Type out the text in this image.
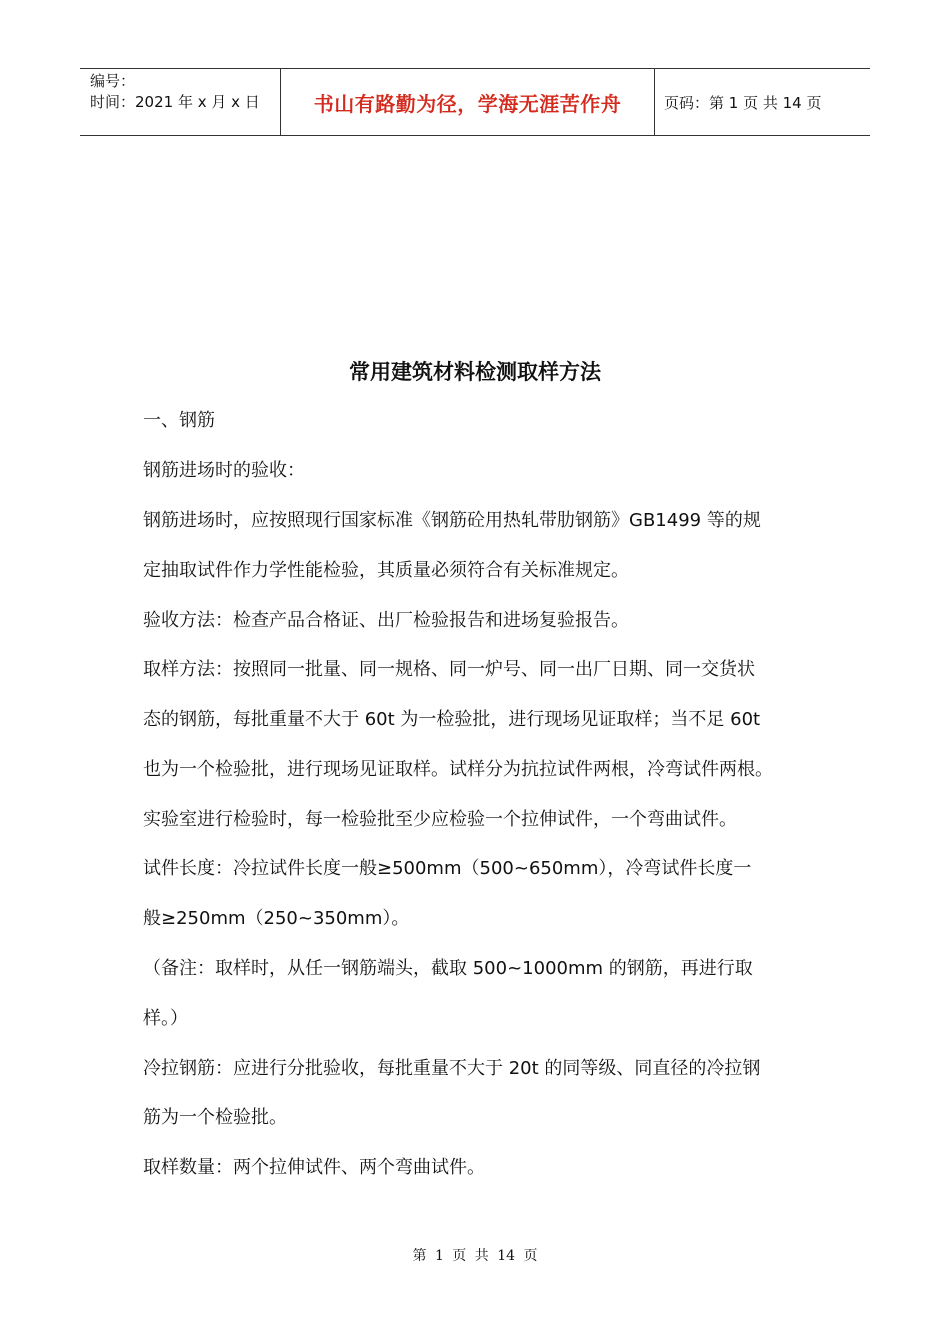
编号：
时间：2021 年 x 月 x 日	书山有路勤为径，学海无涯苦作舟	页码：第 1 页 共 14 页
常用建筑材料检测取样方法
一、钢筋
钢筋进场时的验收：
钢筋进场时，应按照现行国家标准《钢筋砼用热轧带肋钢筋》GB1499 等的规
定抽取试件作力学性能检验，其质量必须符合有关标准规定。
验收方法：检查产品合格证、出厂检验报告和进场复验报告。
取样方法：按照同一批量、同一规格、同一炉号、同一出厂日期、同一交货状
态的钢筋，每批重量不大于 60t 为一检验批，进行现场见证取样；当不足 60t
也为一个检验批，进行现场见证取样。试样分为抗拉试件两根，冷弯试件两根。
实验室进行检验时，每一检验批至少应检验一个拉伸试件，一个弯曲试件。
试件长度：冷拉试件长度一般≥500mm（500~650mm），冷弯试件长度一
般≥250mm（250~350mm）。
（备注：取样时，从任一钢筋端头，截取 500~1000mm 的钢筋，再进行取
样。）
冷拉钢筋：应进行分批验收，每批重量不大于 20t 的同等级、同直径的冷拉钢
筋为一个检验批。
取样数量：两个拉伸试件、两个弯曲试件。
第 1 页 共 14 页
